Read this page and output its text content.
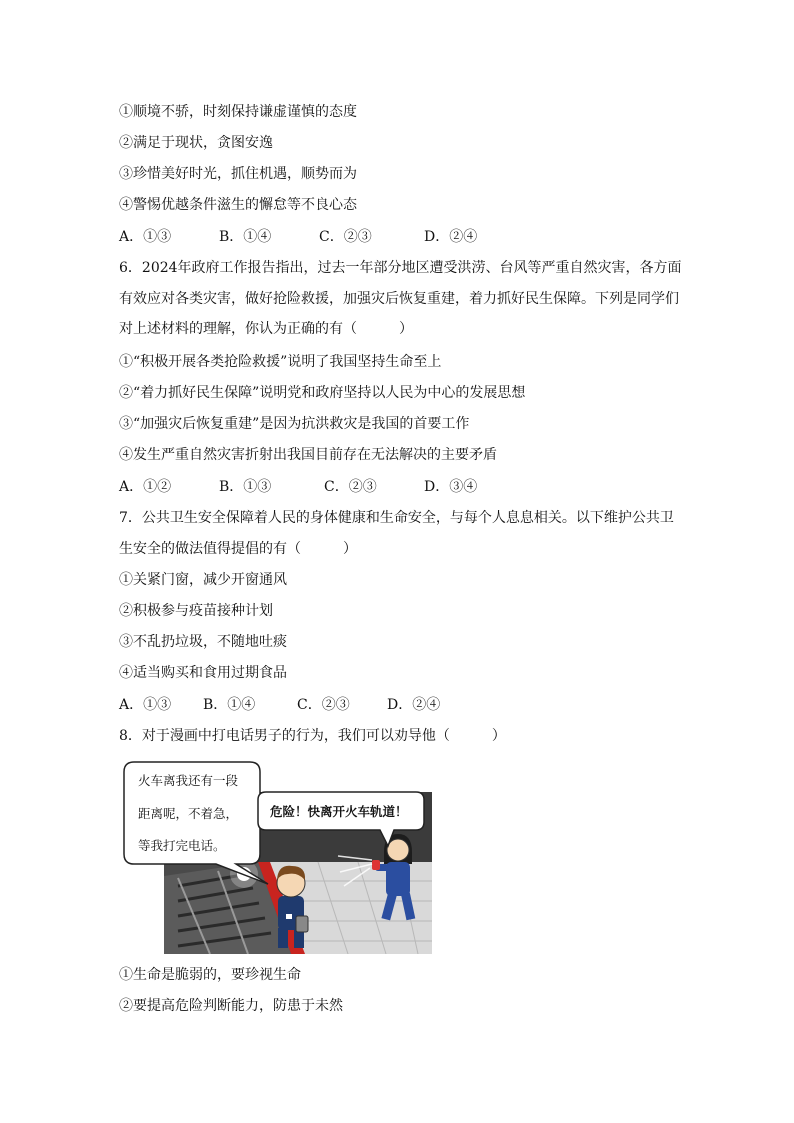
①顺境不骄，时刻保持谦虚谨慎的态度
②满足于现状，贪图安逸
③珍惜美好时光，抓住机遇，顺势而为
④警惕优越条件滋生的懈怠等不良心态
A．①③	B．①④	C．②③	D．②④
6．2024年政府工作报告指出，过去一年部分地区遭受洪涝、台风等严重自然灾害，各方面
有效应对各类灾害，做好抢险救援，加强灾后恢复重建，着力抓好民生保障。下列是同学们
对上述材料的理解，你认为正确的有（　　　）
①“积极开展各类抢险救援”说明了我国坚持生命至上
②“着力抓好民生保障”说明党和政府坚持以人民为中心的发展思想
③“加强灾后恢复重建”是因为抗洪救灾是我国的首要工作
④发生严重自然灾害折射出我国目前存在无法解决的主要矛盾
A．①②	B．①③	C．②③	D．③④
7．公共卫生安全保障着人民的身体健康和生命安全，与每个人息息相关。以下维护公共卫
生安全的做法值得提倡的有（　　　）
①关紧门窗，减少开窗通风
②积极参与疫苗接种计划
③不乱扔垃圾，不随地吐痰
④适当购买和食用过期食品
A．①③ B．①④	C．②③	D．②④
8．对于漫画中打电话男子的行为，我们可以劝导他（　　　）
火车离我还有一段
距离呢，不着急，
等我打完电话。
危险！快离开火车轨道！
①生命是脆弱的，要珍视生命
②要提高危险判断能力，防患于未然
